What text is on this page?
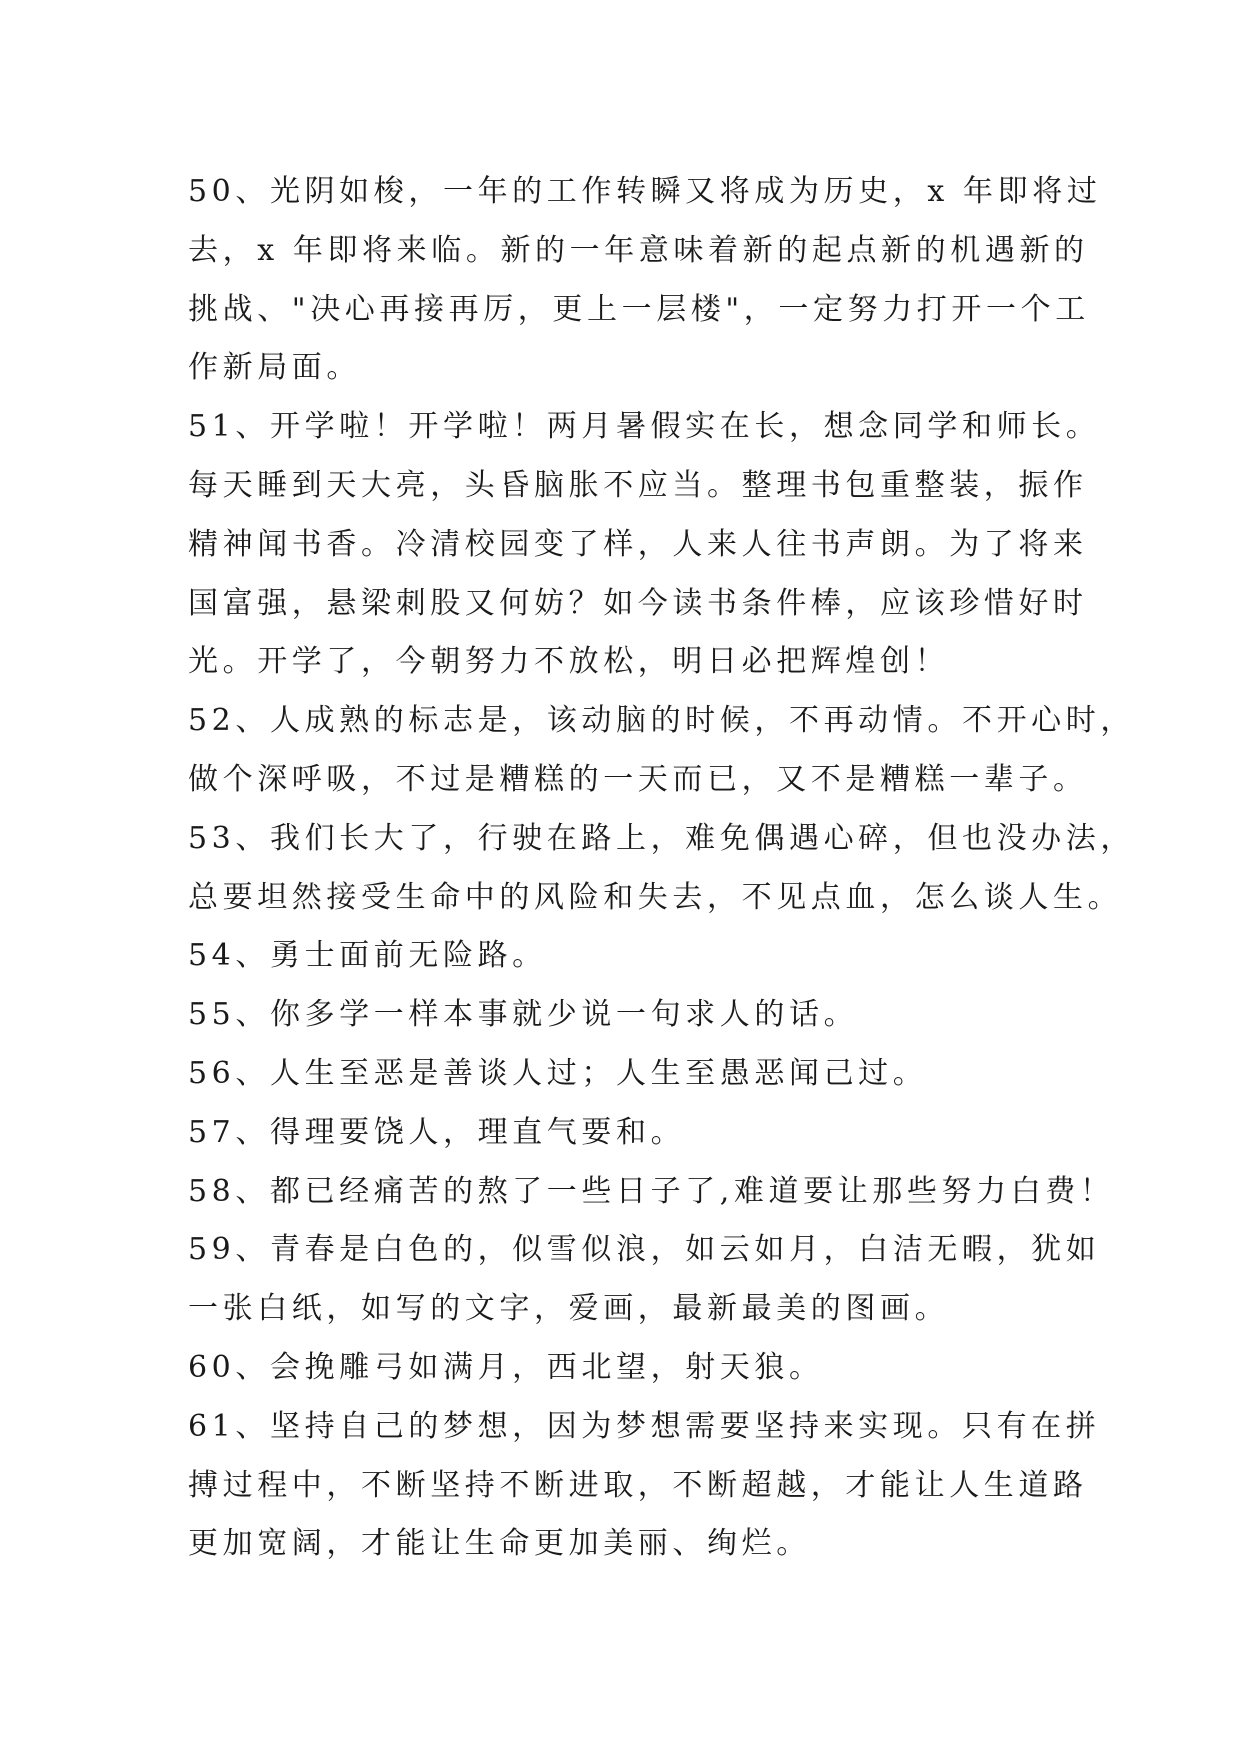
50、光阴如梭，一年的工作转瞬又将成为历史，x 年即将过
去，x 年即将来临。新的一年意味着新的起点新的机遇新的
挑战、"决心再接再厉，更上一层楼"，一定努力打开一个工
作新局面。
51、开学啦！开学啦！两月暑假实在长，想念同学和师长。
每天睡到天大亮，头昏脑胀不应当。整理书包重整装，振作
精神闻书香。冷清校园变了样，人来人往书声朗。为了将来
国富强，悬梁刺股又何妨？如今读书条件棒，应该珍惜好时
光。开学了，今朝努力不放松，明日必把辉煌创！
52、人成熟的标志是，该动脑的时候，不再动情。不开心时，
做个深呼吸，不过是糟糕的一天而已，又不是糟糕一辈子。
53、我们长大了，行驶在路上，难免偶遇心碎，但也没办法，
总要坦然接受生命中的风险和失去，不见点血，怎么谈人生。
54、勇士面前无险路。
55、你多学一样本事就少说一句求人的话。
56、人生至恶是善谈人过；人生至愚恶闻己过。
57、得理要饶人，理直气要和。
58、都已经痛苦的熬了一些日子了,难道要让那些努力白费！
59、青春是白色的，似雪似浪，如云如月，白洁无暇，犹如
一张白纸，如写的文字，爱画，最新最美的图画。
60、会挽雕弓如满月，西北望，射天狼。
61、坚持自己的梦想，因为梦想需要坚持来实现。只有在拼
搏过程中，不断坚持不断进取，不断超越，才能让人生道路
更加宽阔，才能让生命更加美丽、绚烂。
